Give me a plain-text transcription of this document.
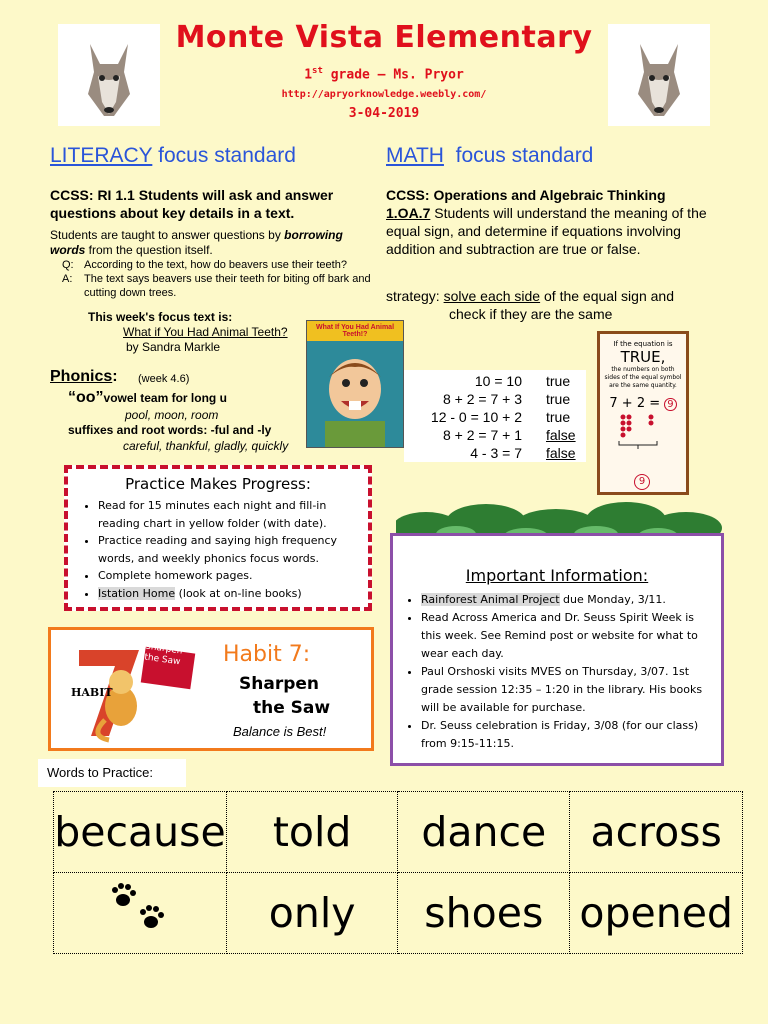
Monte Vista Elementary
1st grade – Ms. Pryor
http://apryorknowledge.weebly.com/
3-04-2019
LITERACY focus standard
CCSS: RI 1.1 Students will ask and answer questions about key details in a text.
Students are taught to answer questions by borrowing words from the question itself.
Q: According to the text, how do beavers use their teeth?
A: The text says beavers use their teeth for biting off bark and cutting down trees.
This week's focus text is:
What if You Had Animal Teeth?
by Sandra Markle
What If You Had Animal Teeth!?
Phonics: (week 4.6)
“oo”vowel team for long u
pool, moon, room
suffixes and root words: -ful and -ly
careful, thankful, gladly, quickly
MATH focus standard
CCSS: Operations and Algebraic Thinking
1.OA.7 Students will understand the meaning of the equal sign, and determine if equations involving addition and subtraction are true or false.
strategy: solve each side of the equal sign and
check if they are the same
10 = 10 true
8 + 2 = 7 + 3 true
12 - 0 = 10 + 2 true
8 + 2 = 7 + 1 false
4 - 3 = 7 false
If the equation is
TRUE,
the numbers on both sides of the equal symbol are the same quantity.
7 + 2 = 9
9
Practice Makes Progress:
• Read for 15 minutes each night and fill-in reading chart in yellow folder (with date).
• Practice reading and saying high frequency words, and weekly phonics focus words.
• Complete homework pages.
• Istation Home (look at on-line books)
Sharpen the Saw
HABIT
Habit 7:
Sharpen
the Saw
Balance is Best!
Important Information:
• Rainforest Animal Project due Monday, 3/11.
• Read Across America and Dr. Seuss Spirit Week is this week. See Remind post or website for what to wear each day.
• Paul Orshoski visits MVES on Thursday, 3/07. 1st grade session 12:35 – 1:20 in the library. His books will be available for purchase.
• Dr. Seuss celebration is Friday, 3/08 (for our class) from 9:15-11:15.
Words to Practice:
because	told	dance	across
	only	shoes	opened
